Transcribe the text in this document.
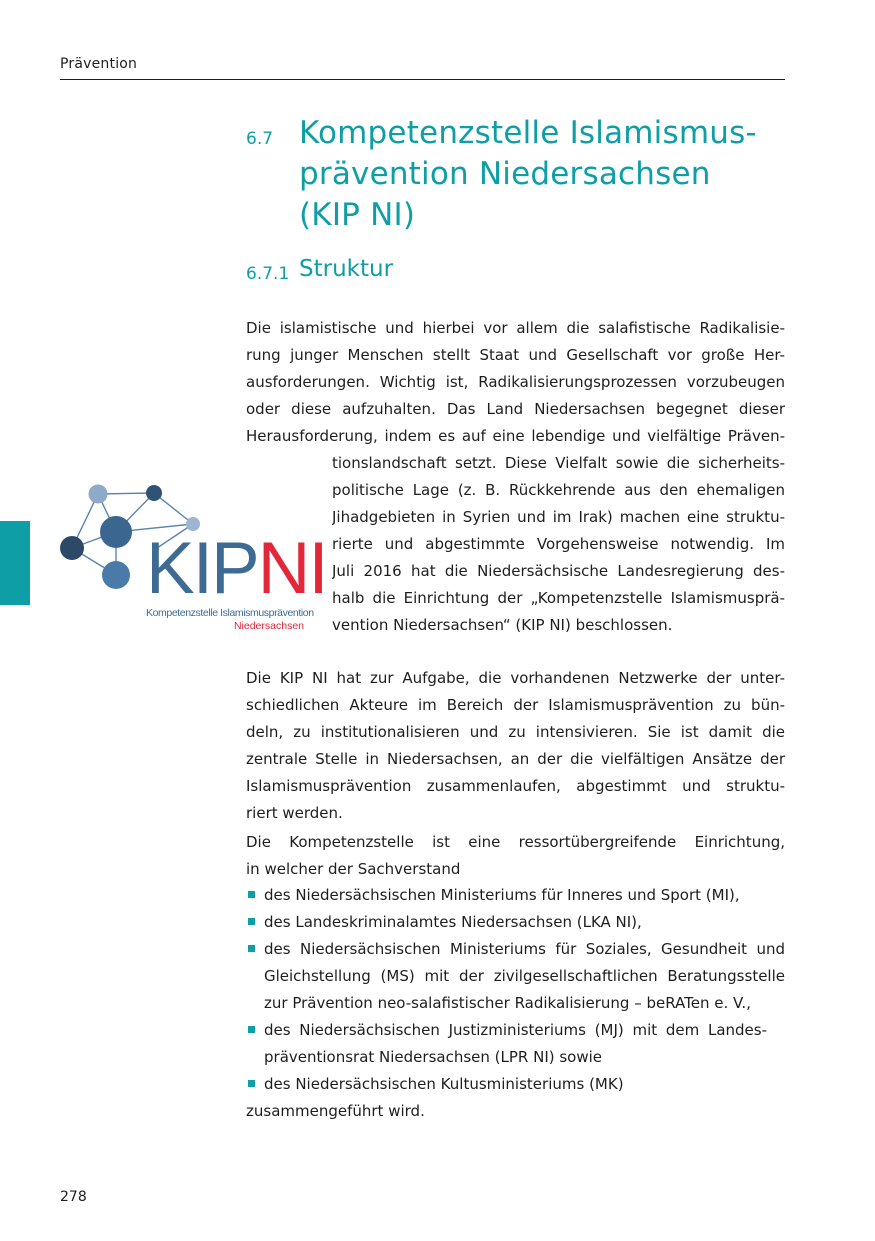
Prävention
6.7 Kompetenzstelle Islamismus-
prävention Niedersachsen
(KIP NI)
6.7.1 Struktur
Die islamistische und hierbei vor allem die salafistische Radikalisie-
rung junger Menschen stellt Staat und Gesellschaft vor große Her-
ausforderungen. Wichtig ist, Radikalisierungsprozessen vorzubeugen
oder diese aufzuhalten. Das Land Niedersachsen begegnet dieser
Herausforderung, indem es auf eine lebendige und vielfältige Präven-
tionslandschaft setzt. Diese Vielfalt sowie die sicherheits-
politische Lage (z. B. Rückkehrende aus den ehemaligen
Jihadgebieten in Syrien und im Irak) machen eine struktu-
rierte und abgestimmte Vorgehensweise notwendig. Im
Juli 2016 hat die Niedersächsische Landesregierung des-
halb die Einrichtung der „Kompetenzstelle Islamismusprä-
vention Niedersachsen“ (KIP NI) beschlossen.
KIPNI
Kompetenzstelle Islamismusprävention
Niedersachsen
Die KIP NI hat zur Aufgabe, die vorhandenen Netzwerke der unter-
schiedlichen Akteure im Bereich der Islamismusprävention zu bün-
deln, zu institutionalisieren und zu intensivieren. Sie ist damit die
zentrale Stelle in Niedersachsen, an der die vielfältigen Ansätze der
Islamismusprävention zusammenlaufen, abgestimmt und struktu-
riert werden.
Die Kompetenzstelle ist eine ressortübergreifende Einrichtung,
in welcher der Sachverstand
des Niedersächsischen Ministeriums für Inneres und Sport (MI),
des Landeskriminalamtes Niedersachsen (LKA NI),
des Niedersächsischen Ministeriums für Soziales, Gesundheit und
Gleichstellung (MS) mit der zivilgesellschaftlichen Beratungsstelle
zur Prävention neo-salafistischer Radikalisierung – beRATen e. V.,
des Niedersächsischen Justizministeriums (MJ) mit dem Landes-
präventionsrat Niedersachsen (LPR NI) sowie
des Niedersächsischen Kultusministeriums (MK)
zusammengeführt wird.
278
